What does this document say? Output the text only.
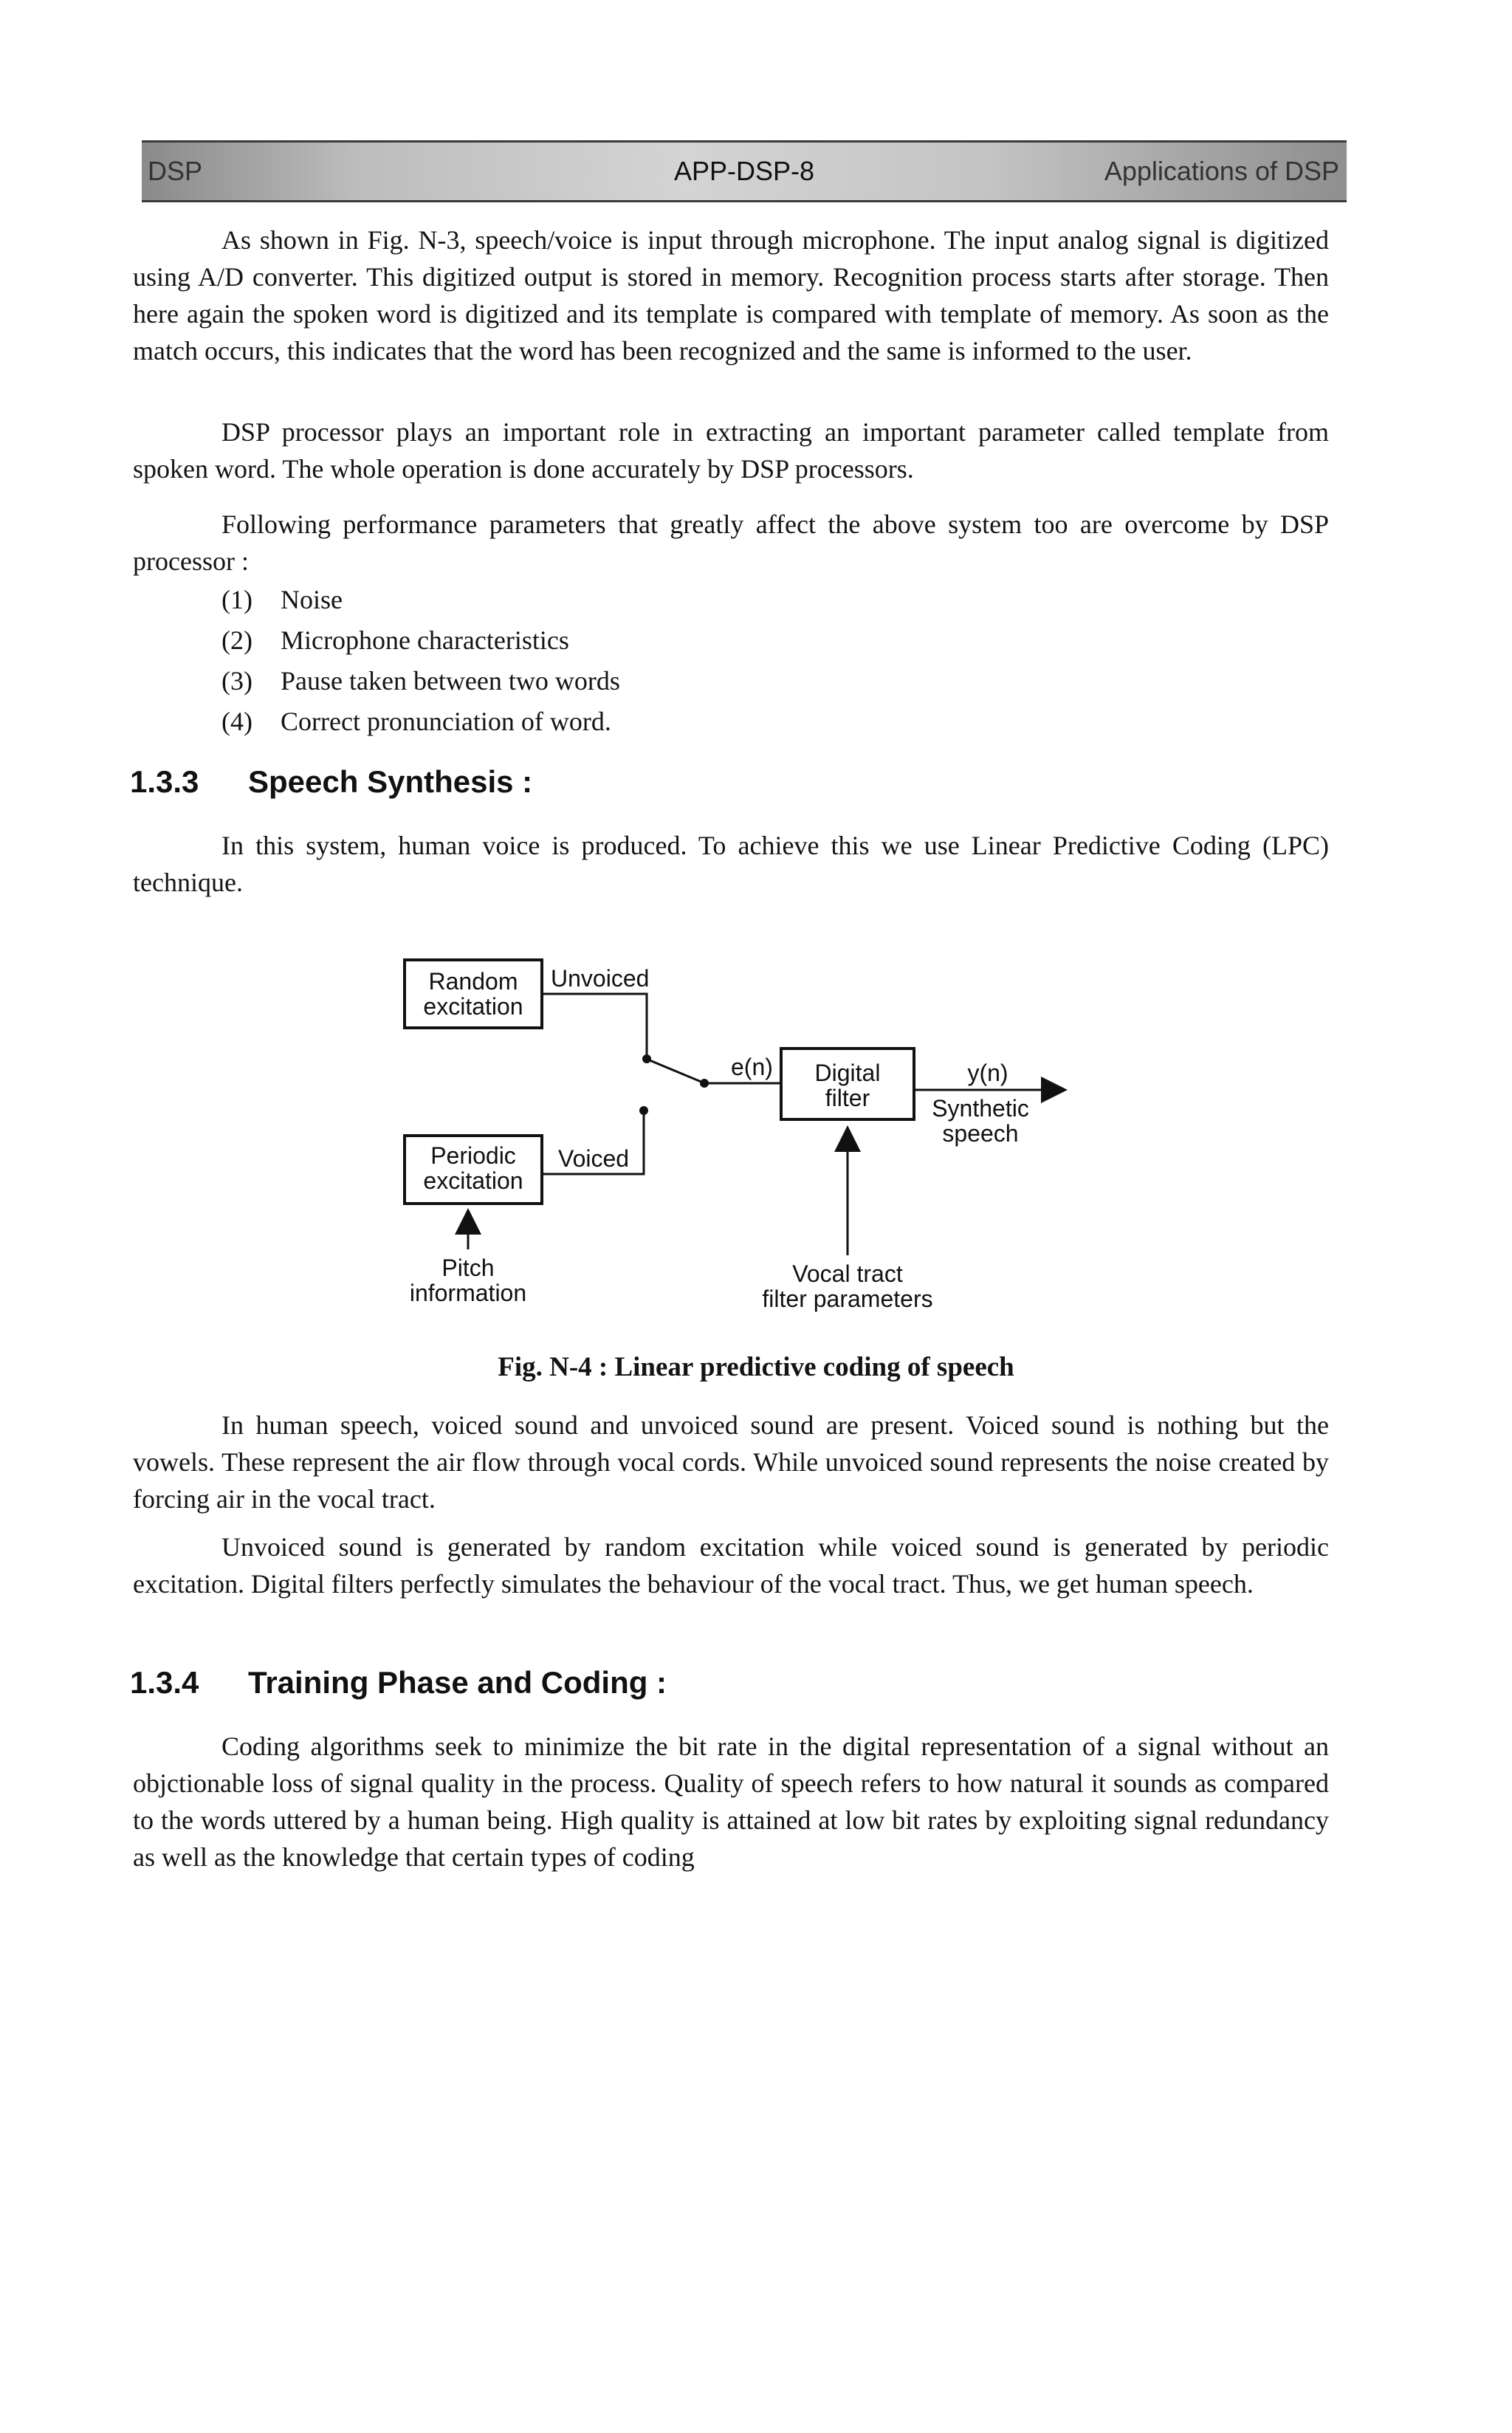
DSP	APP-DSP-8	Applications of DSP

As shown in Fig. N-3, speech/voice is input through microphone. The input analog signal is digitized using A/D converter. This digitized output is stored in memory. Recognition process starts after storage. Then here again the spoken word is digitized and its template is compared with template of memory. As soon as the match occurs, this indicates that the word has been recognized and the same is informed to the user.

DSP processor plays an important role in extracting an important parameter called template from spoken word. The whole operation is done accurately by DSP processors.

Following performance parameters that greatly affect the above system too are overcome by DSP processor :

(1)	Noise
(2)	Microphone characteristics
(3)	Pause taken between two words
(4)	Correct pronunciation of word.
1.3.3 Speech Synthesis :

In this system, human voice is produced. To achieve this we use Linear Predictive Coding (LPC) technique.

Random
excitation
Unvoiced
Periodic
excitation
Voiced
e(n) Digital
filter
y(n)
Synthetic
speech
Vocal tract
filter parameters
Pitch
information
Fig. N-4 : Linear predictive coding of speech

In human speech, voiced sound and unvoiced sound are present. Voiced sound is nothing but the vowels. These represent the air flow through vocal cords. While unvoiced sound represents the noise created by forcing air in the vocal tract.

Unvoiced sound is generated by random excitation while voiced sound is generated by periodic excitation. Digital filters perfectly simulates the behaviour of the vocal tract. Thus, we get human speech.

1.3.4 Training Phase and Coding :

Coding algorithms seek to minimize the bit rate in the digital representation of a signal without an objctionable loss of signal quality in the process. Quality of speech refers to how natural it sounds as compared to the words uttered by a human being. High quality is attained at low bit rates by exploiting signal redundancy as well as the knowledge that certain types of coding
